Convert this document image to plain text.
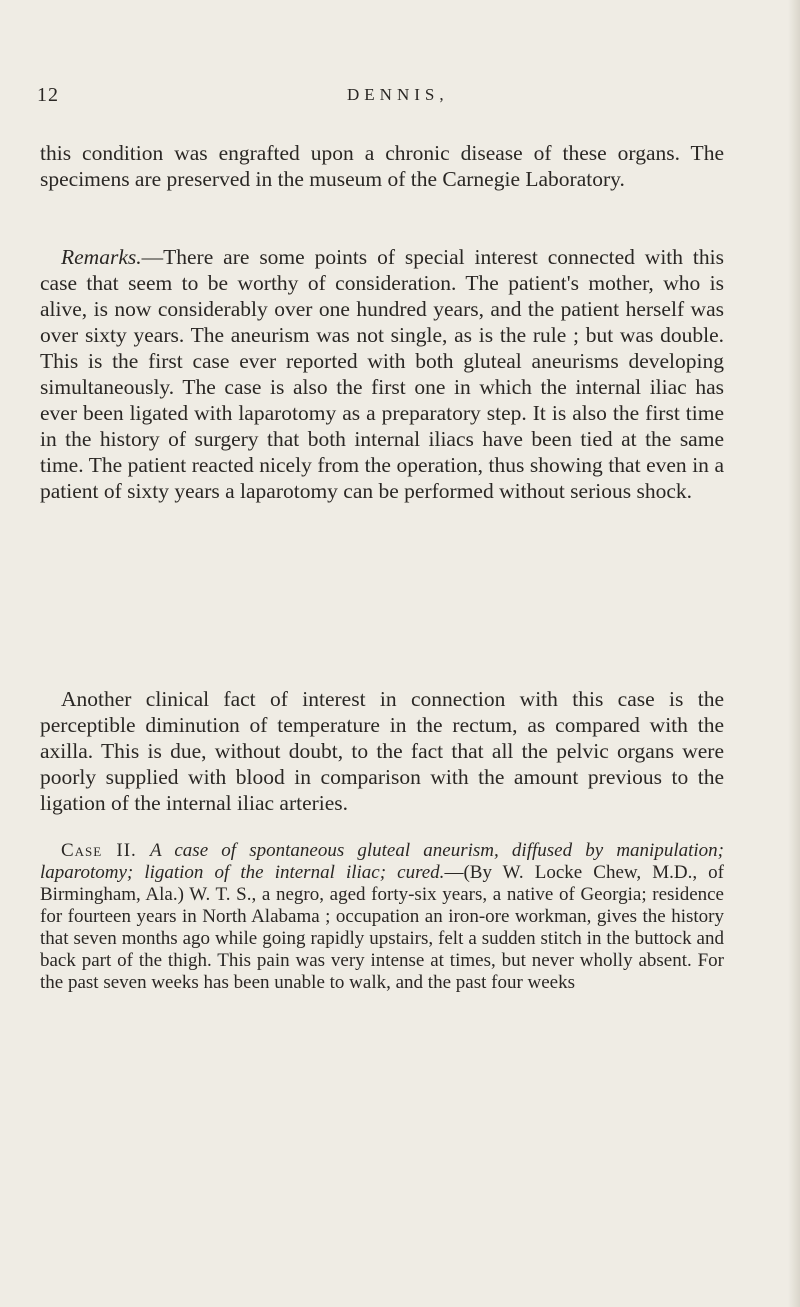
12	DENNIS,

this condition was engrafted upon a chronic disease of these organs. The specimens are preserved in the museum of the Carnegie Laboratory.

Remarks.—There are some points of special interest connected with this case that seem to be worthy of consideration. The patient's mother, who is alive, is now considerably over one hundred years, and the patient herself was over sixty years. The aneurism was not single, as is the rule ; but was double. This is the first case ever reported with both gluteal aneurisms developing simultaneously. The case is also the first one in which the internal iliac has ever been ligated with laparotomy as a preparatory step. It is also the first time in the history of surgery that both internal iliacs have been tied at the same time. The patient reacted nicely from the operation, thus showing that even in a patient of sixty years a laparotomy can be performed without serious shock.

Another clinical fact of interest in connection with this case is the perceptible diminution of temperature in the rectum, as compared with the axilla. This is due, without doubt, to the fact that all the pelvic organs were poorly supplied with blood in comparison with the amount previous to the ligation of the internal iliac arteries.

Case II. A case of spontaneous gluteal aneurism, diffused by manipulation; laparotomy; ligation of the internal iliac; cured.—(By W. Locke Chew, M.D., of Birmingham, Ala.) W. T. S., a negro, aged forty-six years, a native of Georgia; residence for fourteen years in North Alabama ; occupation an iron-ore workman, gives the history that seven months ago while going rapidly upstairs, felt a sudden stitch in the buttock and back part of the thigh. This pain was very intense at times, but never wholly absent. For the past seven weeks has been unable to walk, and the past four weeks
